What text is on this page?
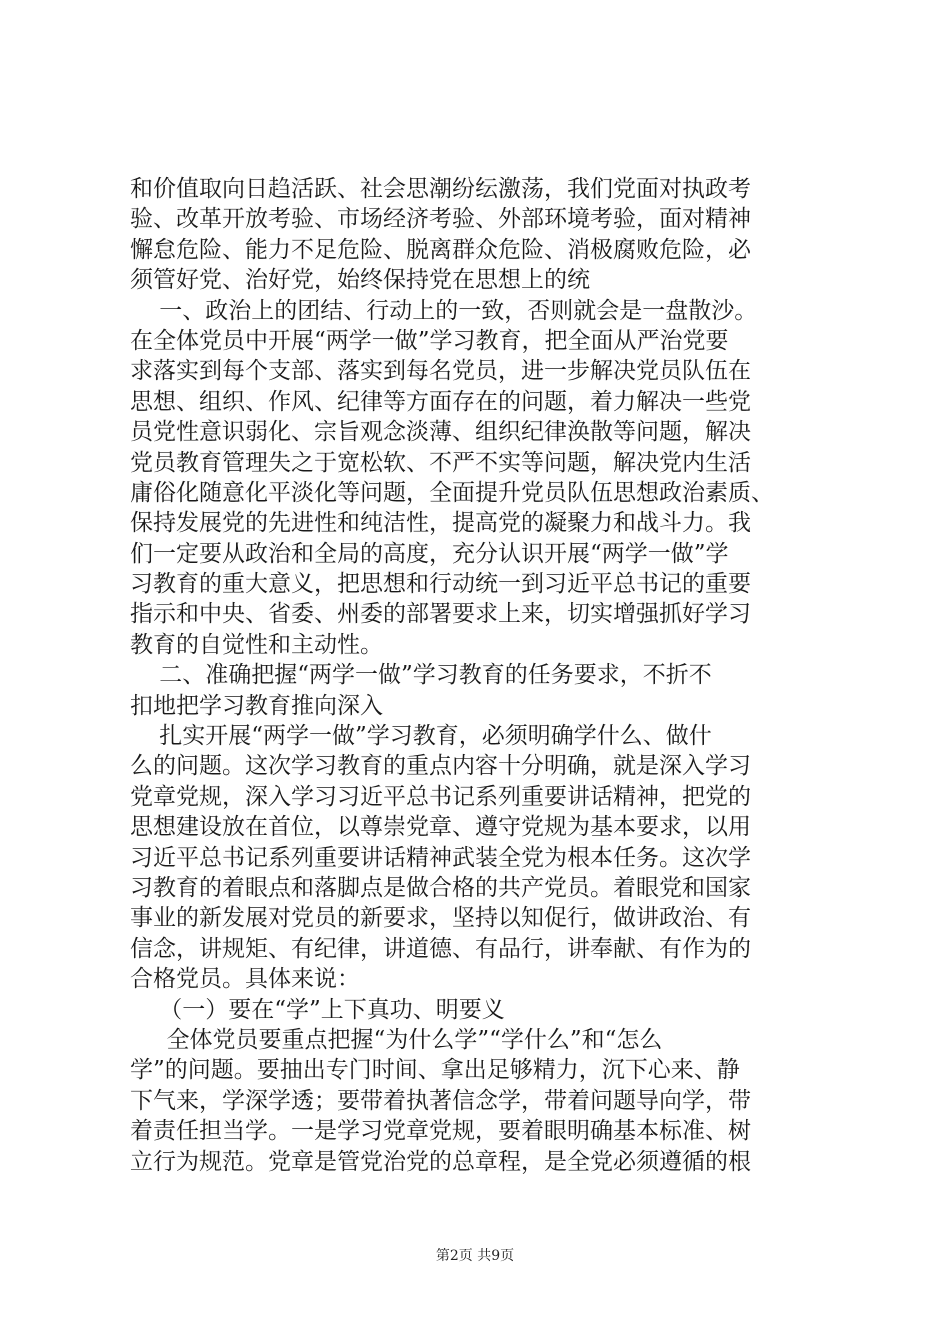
和价值取向日趋活跃、社会思潮纷纭激荡，我们党面对执政考
验、改革开放考验、市场经济考验、外部环境考验，面对精神
懈怠危险、能力不足危险、脱离群众危险、消极腐败危险，必
须管好党、治好党，始终保持党在思想上的统
一、政治上的团结、行动上的一致，否则就会是一盘散沙。
在全体党员中开展“两学一做”学习教育，把全面从严治党要
求落实到每个支部、落实到每名党员，进一步解决党员队伍在
思想、组织、作风、纪律等方面存在的问题，着力解决一些党
员党性意识弱化、宗旨观念淡薄、组织纪律涣散等问题，解决
党员教育管理失之于宽松软、不严不实等问题，解决党内生活
庸俗化随意化平淡化等问题，全面提升党员队伍思想政治素质、
保持发展党的先进性和纯洁性，提高党的凝聚力和战斗力。我
们一定要从政治和全局的高度，充分认识开展“两学一做”学
习教育的重大意义，把思想和行动统一到习近平总书记的重要
指示和中央、省委、州委的部署要求上来，切实增强抓好学习
教育的自觉性和主动性。
二、准确把握“两学一做”学习教育的任务要求，不折不
扣地把学习教育推向深入
扎实开展“两学一做”学习教育，必须明确学什么、做什
么的问题。这次学习教育的重点内容十分明确，就是深入学习
党章党规，深入学习习近平总书记系列重要讲话精神，把党的
思想建设放在首位，以尊崇党章、遵守党规为基本要求，以用
习近平总书记系列重要讲话精神武装全党为根本任务。这次学
习教育的着眼点和落脚点是做合格的共产党员。着眼党和国家
事业的新发展对党员的新要求，坚持以知促行，做讲政治、有
信念，讲规矩、有纪律，讲道德、有品行，讲奉献、有作为的
合格党员。具体来说：
（一）要在“学”上下真功、明要义
全体党员要重点把握“为什么学”“学什么”和“怎么
学”的问题。要抽出专门时间、拿出足够精力，沉下心来、静
下气来，学深学透；要带着执著信念学，带着问题导向学，带
着责任担当学。一是学习党章党规，要着眼明确基本标准、树
立行为规范。党章是管党治党的总章程，是全党必须遵循的根
第2页 共9页
